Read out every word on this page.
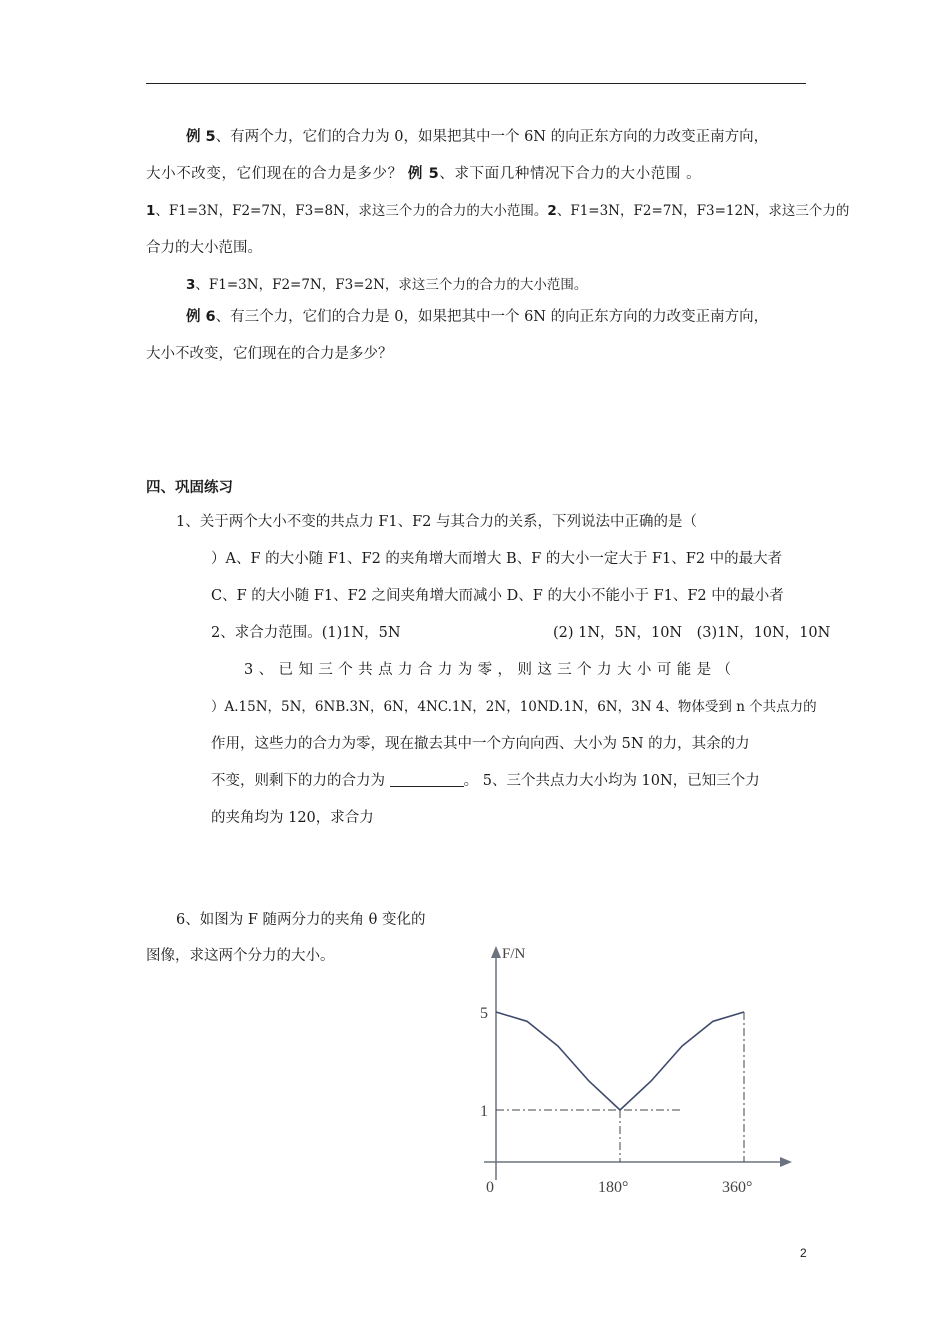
例 5、有两个力，它们的合力为 0，如果把其中一个 6N 的向正东方向的力改变正南方向，
大小不改变，它们现在的合力是多少？ 例 5、求下面几种情况下合力的大小范围 。
1、F1=3N，F2=7N，F3=8N，求这三个力的合力的大小范围。2、F1=3N，F2=7N，F3=12N，求这三个力的
合力的大小范围。
3、F1=3N，F2=7N，F3=2N，求这三个力的合力的大小范围。
例 6、有三个力，它们的合力是 0，如果把其中一个 6N 的向正东方向的力改变正南方向，
大小不改变，它们现在的合力是多少？
四、巩固练习
1、关于两个大小不变的共点力 F1、F2 与其合力的关系，下列说法中正确的是（
）A、F 的大小随 F1、F2 的夹角增大而增大 B、F 的大小一定大于 F1、F2 中的最大者
C、F 的大小随 F1、F2 之间夹角增大而减小 D、F 的大小不能小于 F1、F2 中的最小者
2、求合力范围。(1)1N，5N	(2) 1N，5N，10N　(3)1N，10N，10N
3 、 已 知 三 个 共 点 力 合 力 为 零 ， 则 这 三 个 力 大 小 可 能 是 （
）A.15N，5N，6NB.3N，6N，4NC.1N，2N，10ND.1N，6N，3N 4、物体受到 n 个共点力的
作用，这些力的合力为零，现在撤去其中一个方向向西、大小为 5N 的力，其余的力
不变，则剩下的力的合力为	。 5、三个共点力大小均为 10N，已知三个力
的夹角均为 120，求合力
6、如图为 F 随两分力的夹角 θ 变化的
图像，求这两个分力的大小。	F/N
5
1
0	180°	360°
2
